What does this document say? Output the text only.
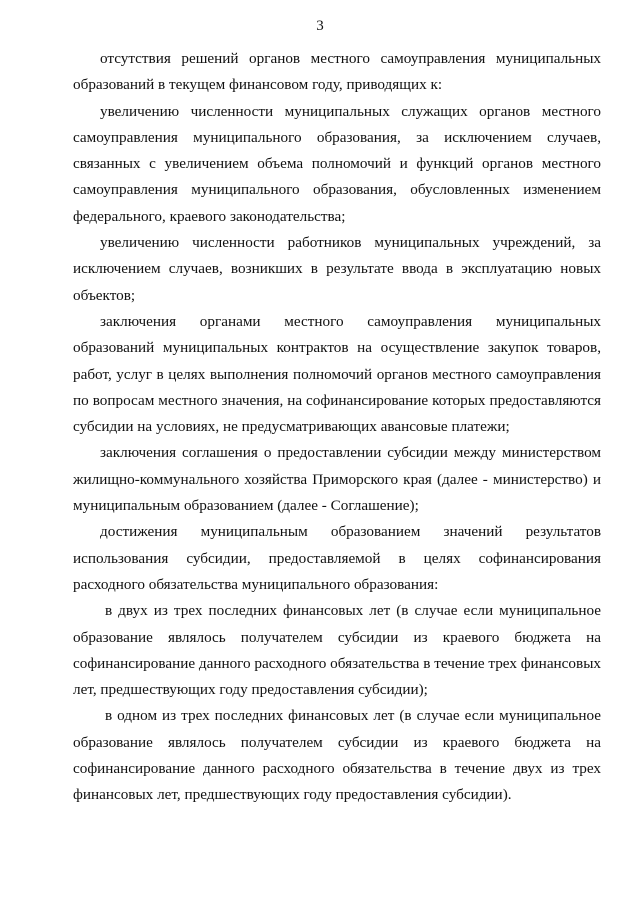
3

отсутствия решений органов местного самоуправления муниципальных образований в текущем финансовом году, приводящих к:

увеличению численности муниципальных служащих органов местного самоуправления муниципального образования, за исключением случаев, связанных с увеличением объема полномочий и функций органов местного самоуправления муниципального образования, обусловленных изменением федерального, краевого законодательства;

увеличению численности работников муниципальных учреждений, за исключением случаев, возникших в результате ввода в эксплуатацию новых объектов;

заключения органами местного самоуправления муниципальных образований муниципальных контрактов на осуществление закупок товаров, работ, услуг в целях выполнения полномочий органов местного самоуправления по вопросам местного значения, на софинансирование которых предоставляются субсидии на условиях, не предусматривающих авансовые платежи;

заключения соглашения о предоставлении субсидии между министерством жилищно-коммунального хозяйства Приморского края (далее - министерство) и муниципальным образованием (далее - Соглашение);

достижения муниципальным образованием значений результатов использования субсидии, предоставляемой в целях софинансирования расходного обязательства муниципального образования:

в двух из трех последних финансовых лет (в случае если муниципальное образование являлось получателем субсидии из краевого бюджета на софинансирование данного расходного обязательства в течение трех финансовых лет, предшествующих году предоставления субсидии);

в одном из трех последних финансовых лет (в случае если муниципальное образование являлось получателем субсидии из краевого бюджета на софинансирование данного расходного обязательства в течение двух из трех финансовых лет, предшествующих году предоставления субсидии).
